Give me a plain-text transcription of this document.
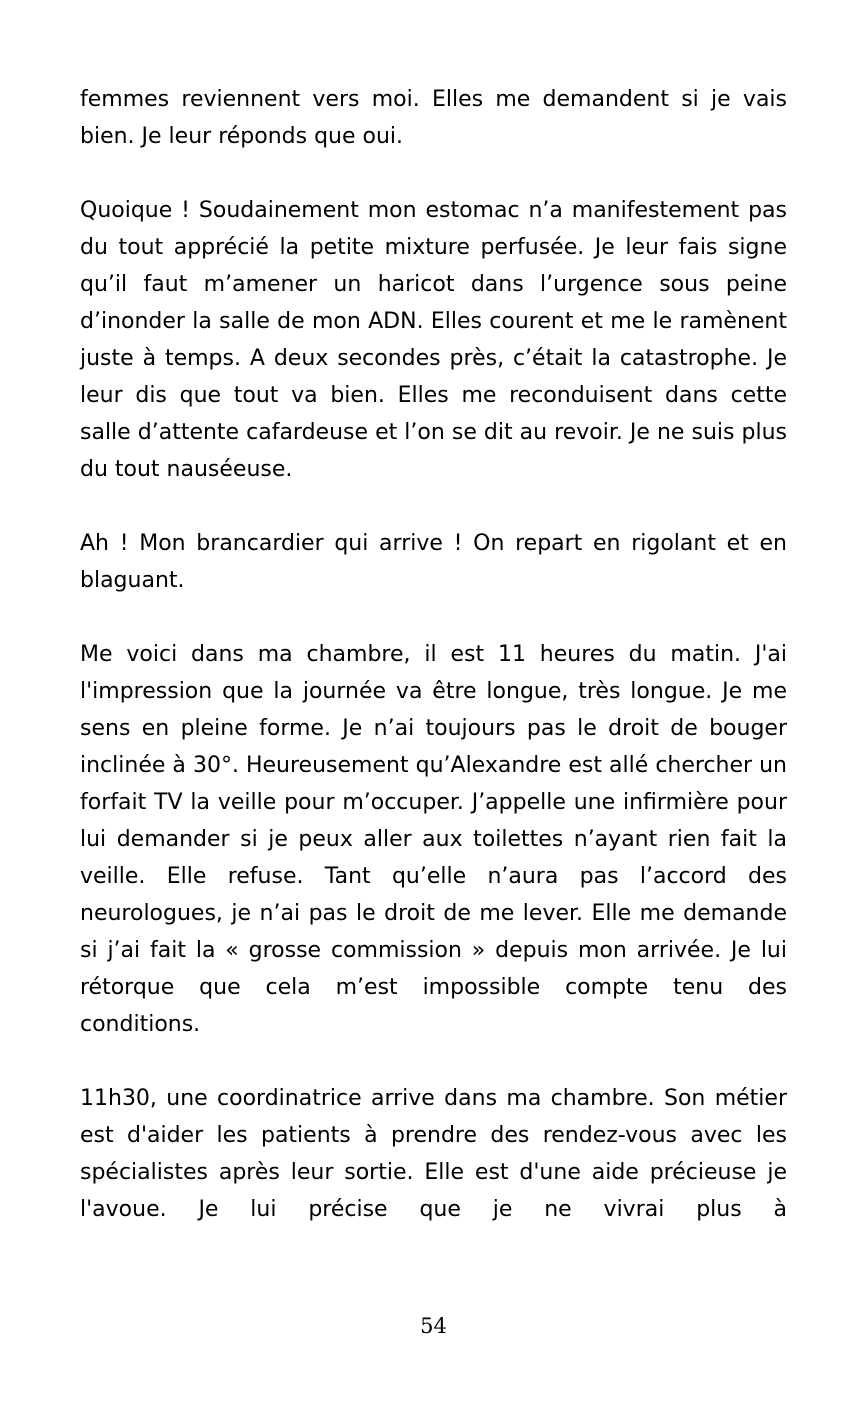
femmes reviennent vers moi. Elles me demandent si je vais bien. Je leur réponds que oui.

Quoique ! Soudainement mon estomac n’a manifestement pas du tout apprécié la petite mixture perfusée. Je leur fais signe qu’il faut m’amener un haricot dans l’urgence sous peine d’inonder la salle de mon ADN. Elles courent et me le ramènent juste à temps. A deux secondes près, c’était la catastrophe. Je leur dis que tout va bien. Elles me reconduisent dans cette salle d’attente cafardeuse et l’on se dit au revoir. Je ne suis plus du tout nauséeuse.

Ah ! Mon brancardier qui arrive ! On repart en rigolant et en blaguant.

Me voici dans ma chambre, il est 11 heures du matin. J'ai l'impression que la journée va être longue, très longue. Je me sens en pleine forme. Je n’ai toujours pas le droit de bouger inclinée à 30°. Heureusement qu’Alexandre est allé chercher un forfait TV la veille pour m’occuper. J’appelle une infirmière pour lui demander si je peux aller aux toilettes n’ayant rien fait la veille. Elle refuse. Tant qu’elle n’aura pas l’accord des neurologues, je n’ai pas le droit de me lever. Elle me demande si j’ai fait la « grosse commission » depuis mon arrivée. Je lui rétorque que cela m’est impossible compte tenu des conditions.

11h30, une coordinatrice arrive dans ma chambre. Son métier est d'aider les patients à prendre des rendez-vous avec les spécialistes après leur sortie. Elle est d'une aide précieuse je l'avoue. Je lui précise que je ne vivrai plus à

54
